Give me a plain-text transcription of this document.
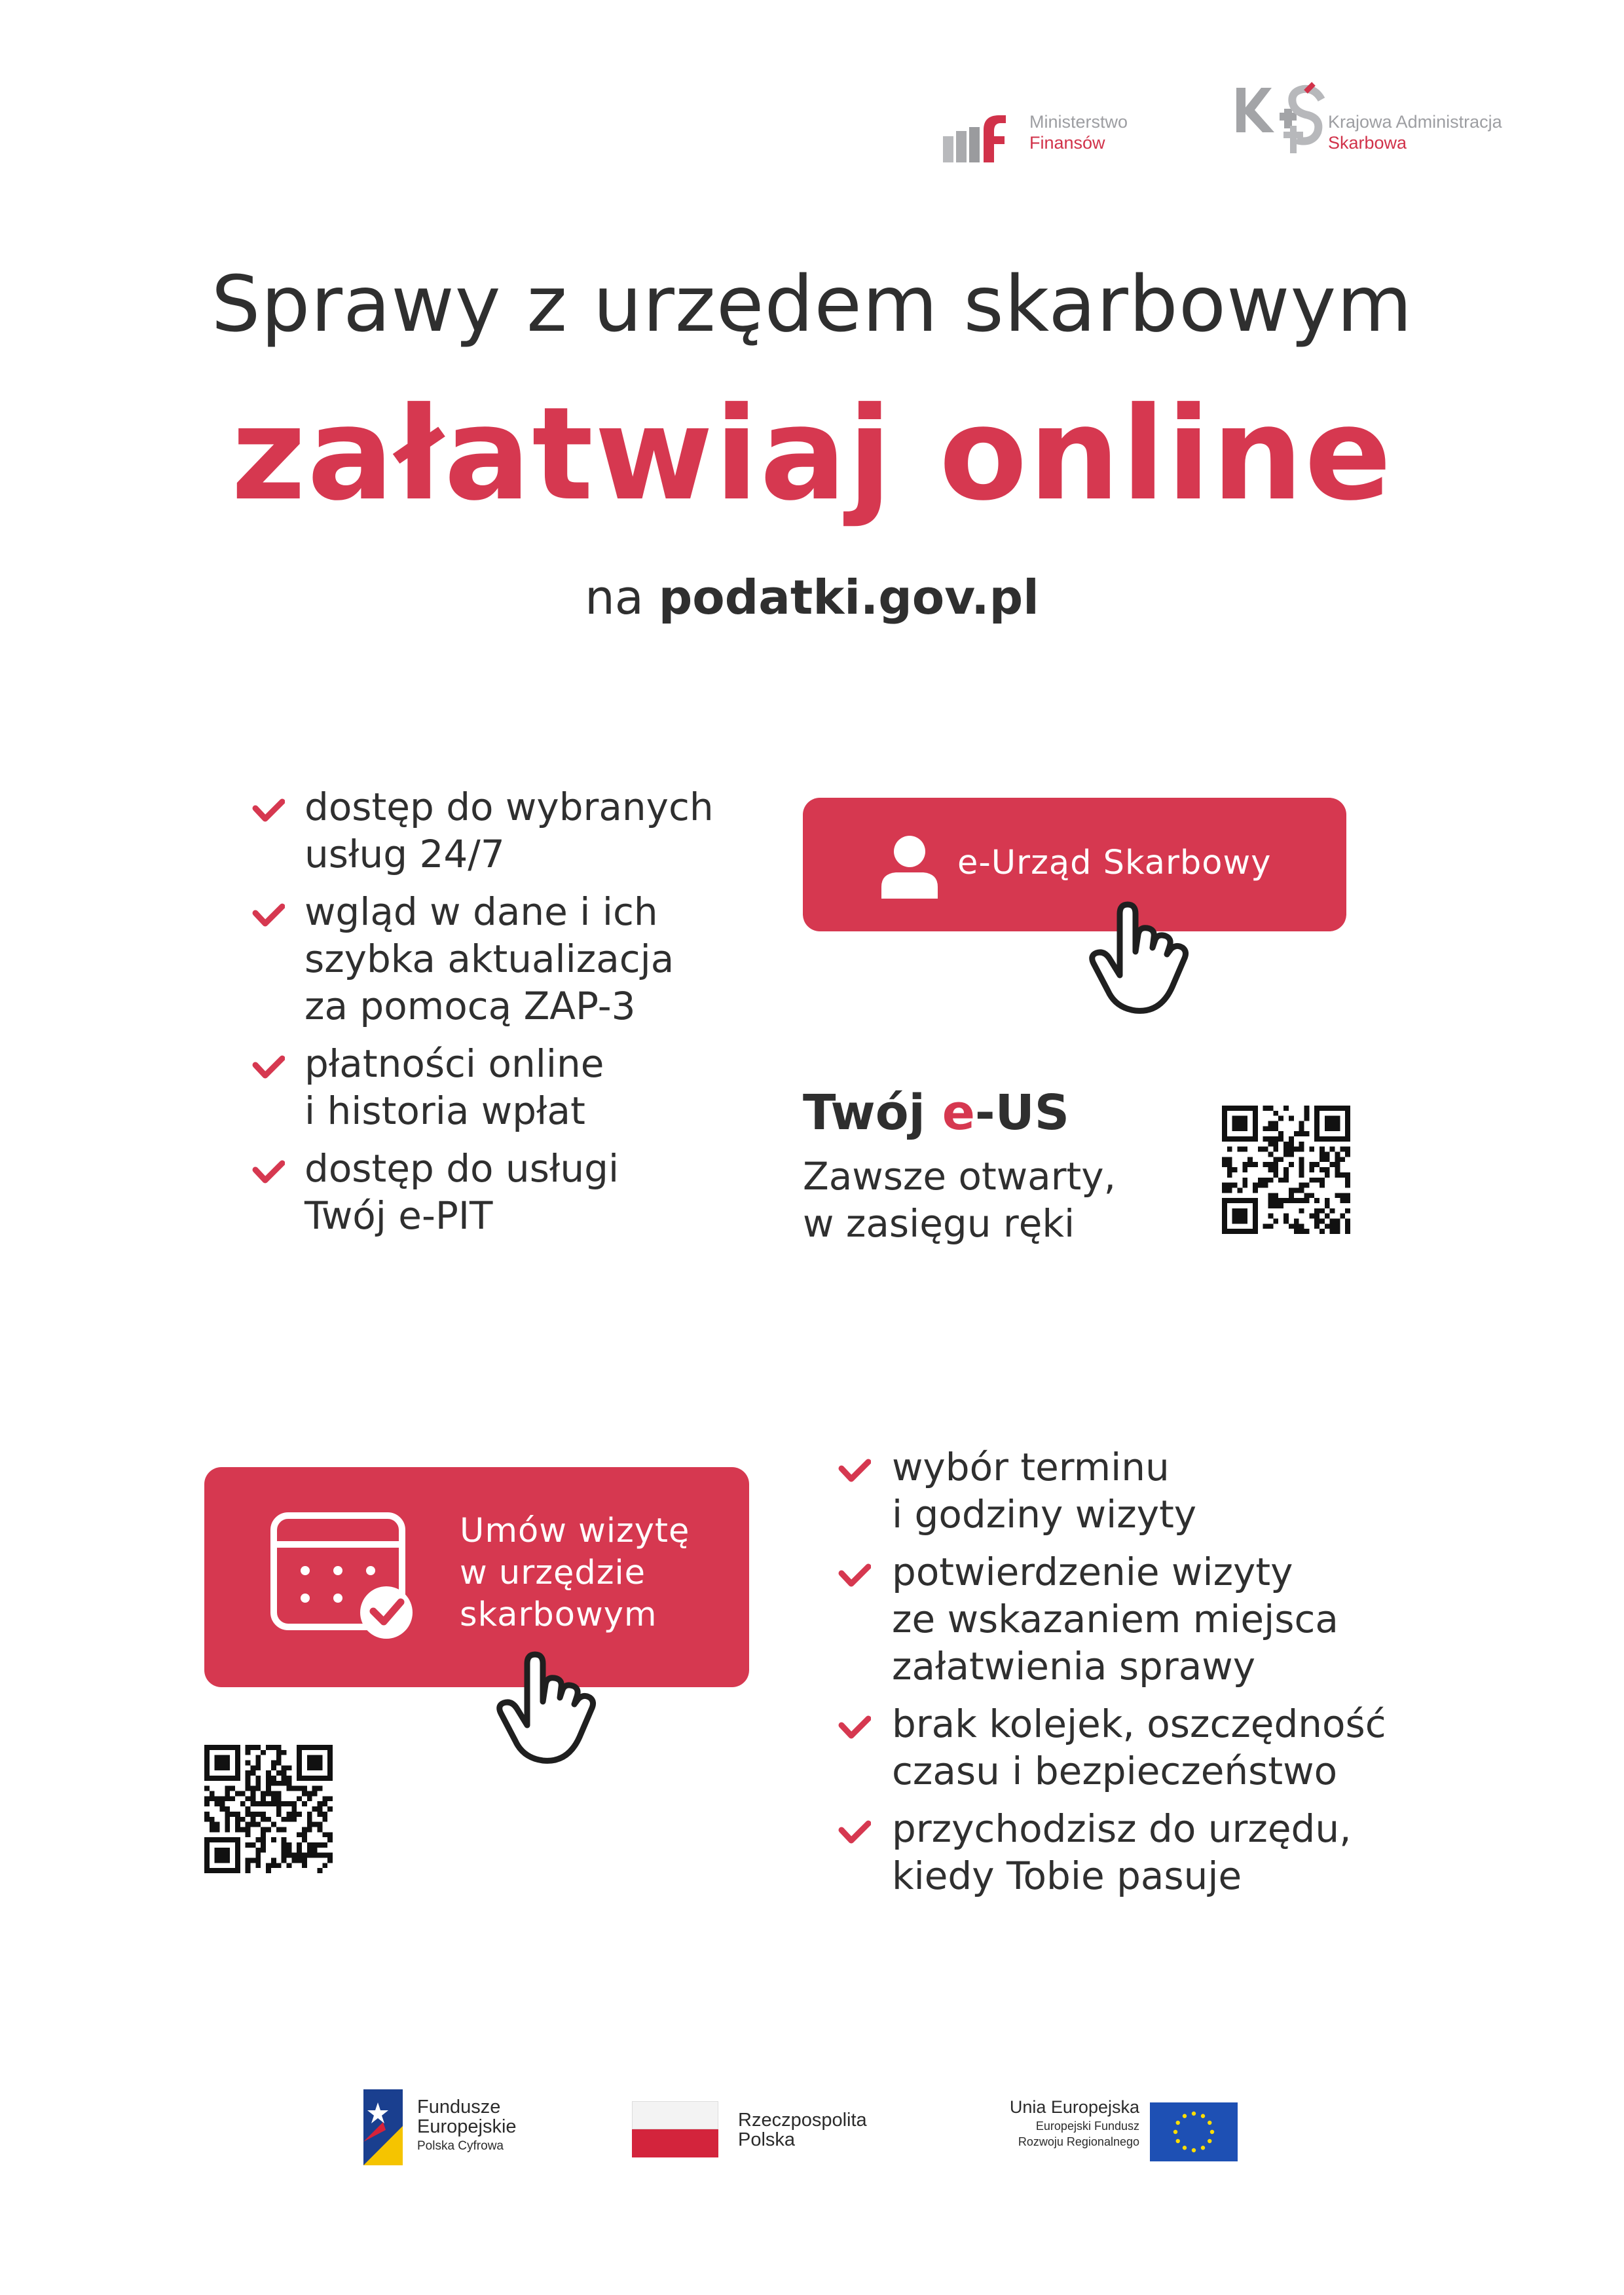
Ministerstwo
Finansów
Krajowa Administracja
Skarbowa
Sprawy z urzędem skarbowym
załatwiaj online
na podatki.gov.pl
dostęp do wybranych
usług 24/7
wgląd w dane i ich
szybka aktualizacja
za pomocą ZAP-3
płatności online
i historia wpłat
dostęp do usługi
Twój e-PIT
e-Urząd Skarbowy
Twój e-US
Zawsze otwarty,
w zasięgu ręki
Umów wizytę
w urzędzie
skarbowym
wybór terminu
i godziny wizyty
potwierdzenie wizyty
ze wskazaniem miejsca
załatwienia sprawy
brak kolejek, oszczędność
czasu i bezpieczeństwo
przychodzisz do urzędu,
kiedy Tobie pasuje
Fundusze
Europejskie
Polska Cyfrowa
Rzeczpospolita
Polska
Unia Europejska
Europejski Fundusz
Rozwoju Regionalnego
